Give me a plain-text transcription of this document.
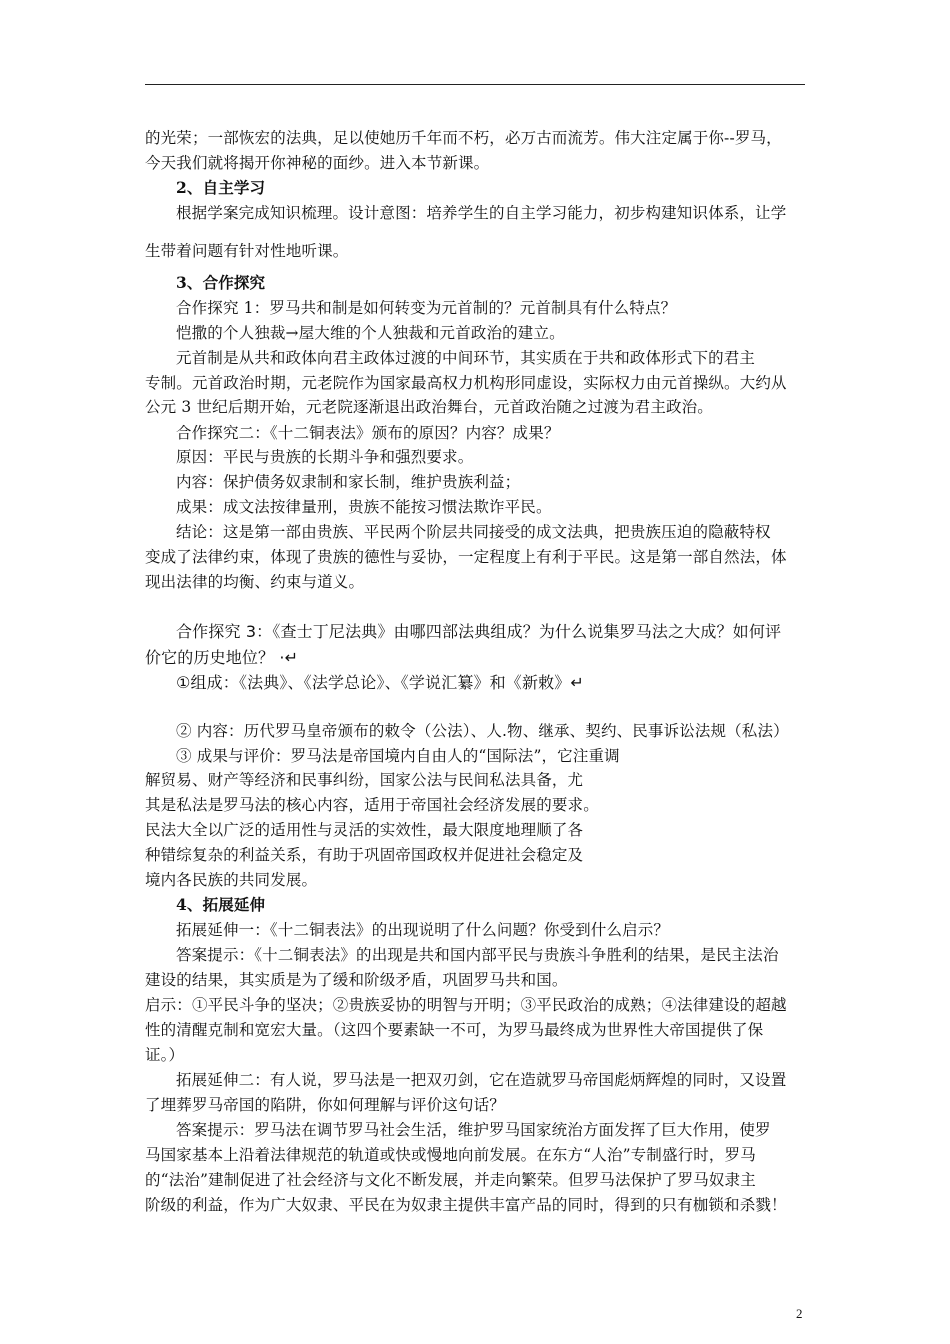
的光荣；一部恢宏的法典，足以使她历千年而不朽，必万古而流芳。伟大注定属于你--罗马，
今天我们就将揭开你神秘的面纱。进入本节新课。
2、自主学习
根据学案完成知识梳理。设计意图：培养学生的自主学习能力，初步构建知识体系，让学
生带着问题有针对性地听课。
3、合作探究
合作探究 1：罗马共和制是如何转变为元首制的？元首制具有什么特点？
恺撒的个人独裁→屋大维的个人独裁和元首政治的建立。
元首制是从共和政体向君主政体过渡的中间环节，其实质在于共和政体形式下的君主
专制。元首政治时期，元老院作为国家最高权力机构形同虚设，实际权力由元首操纵。大约从
公元 3 世纪后期开始，元老院逐渐退出政治舞台，元首政治随之过渡为君主政治。
合作探究二：《十二铜表法》颁布的原因？内容？成果？
原因：平民与贵族的长期斗争和强烈要求。
内容：保护债务奴隶制和家长制，维护贵族利益；
成果：成文法按律量刑，贵族不能按习惯法欺诈平民。
结论：这是第一部由贵族、平民两个阶层共同接受的成文法典，把贵族压迫的隐蔽特权
变成了法律约束，体现了贵族的德性与妥协，一定程度上有利于平民。这是第一部自然法，体
现出法律的均衡、约束与道义。
合作探究 3：《查士丁尼法典》由哪四部法典组成？为什么说集罗马法之大成？如何评
价它的历史地位？ ·↵
①组成：《法典》、《法学总论》、《学说汇纂》和《新敕》↵
② 内容：历代罗马皇帝颁布的敕令（公法）、人.物、继承、契约、民事诉讼法规（私法）
③ 成果与评价：罗马法是帝国境内自由人的“国际法”，它注重调
解贸易、财产等经济和民事纠纷，国家公法与民间私法具备，尤
其是私法是罗马法的核心内容，适用于帝国社会经济发展的要求。
民法大全以广泛的适用性与灵活的实效性，最大限度地理顺了各
种错综复杂的利益关系，有助于巩固帝国政权并促进社会稳定及
境内各民族的共同发展。
4、拓展延伸
拓展延伸一：《十二铜表法》的出现说明了什么问题？你受到什么启示？
答案提示：《十二铜表法》的出现是共和国内部平民与贵族斗争胜利的结果，是民主法治
建设的结果，其实质是为了缓和阶级矛盾，巩固罗马共和国。
启示：①平民斗争的坚决；②贵族妥协的明智与开明；③平民政治的成熟；④法律建设的超越
性的清醒克制和宽宏大量。（这四个要素缺一不可，为罗马最终成为世界性大帝国提供了保
证。）
拓展延伸二：有人说，罗马法是一把双刃剑，它在造就罗马帝国彪炳辉煌的同时，又设置
了埋葬罗马帝国的陷阱，你如何理解与评价这句话？
答案提示：罗马法在调节罗马社会生活，维护罗马国家统治方面发挥了巨大作用，使罗
马国家基本上沿着法律规范的轨道或快或慢地向前发展。在东方“人治”专制盛行时，罗马
的“法治”建制促进了社会经济与文化不断发展，并走向繁荣。但罗马法保护了罗马奴隶主
阶级的利益，作为广大奴隶、平民在为奴隶主提供丰富产品的同时，得到的只有枷锁和杀戮！
2
